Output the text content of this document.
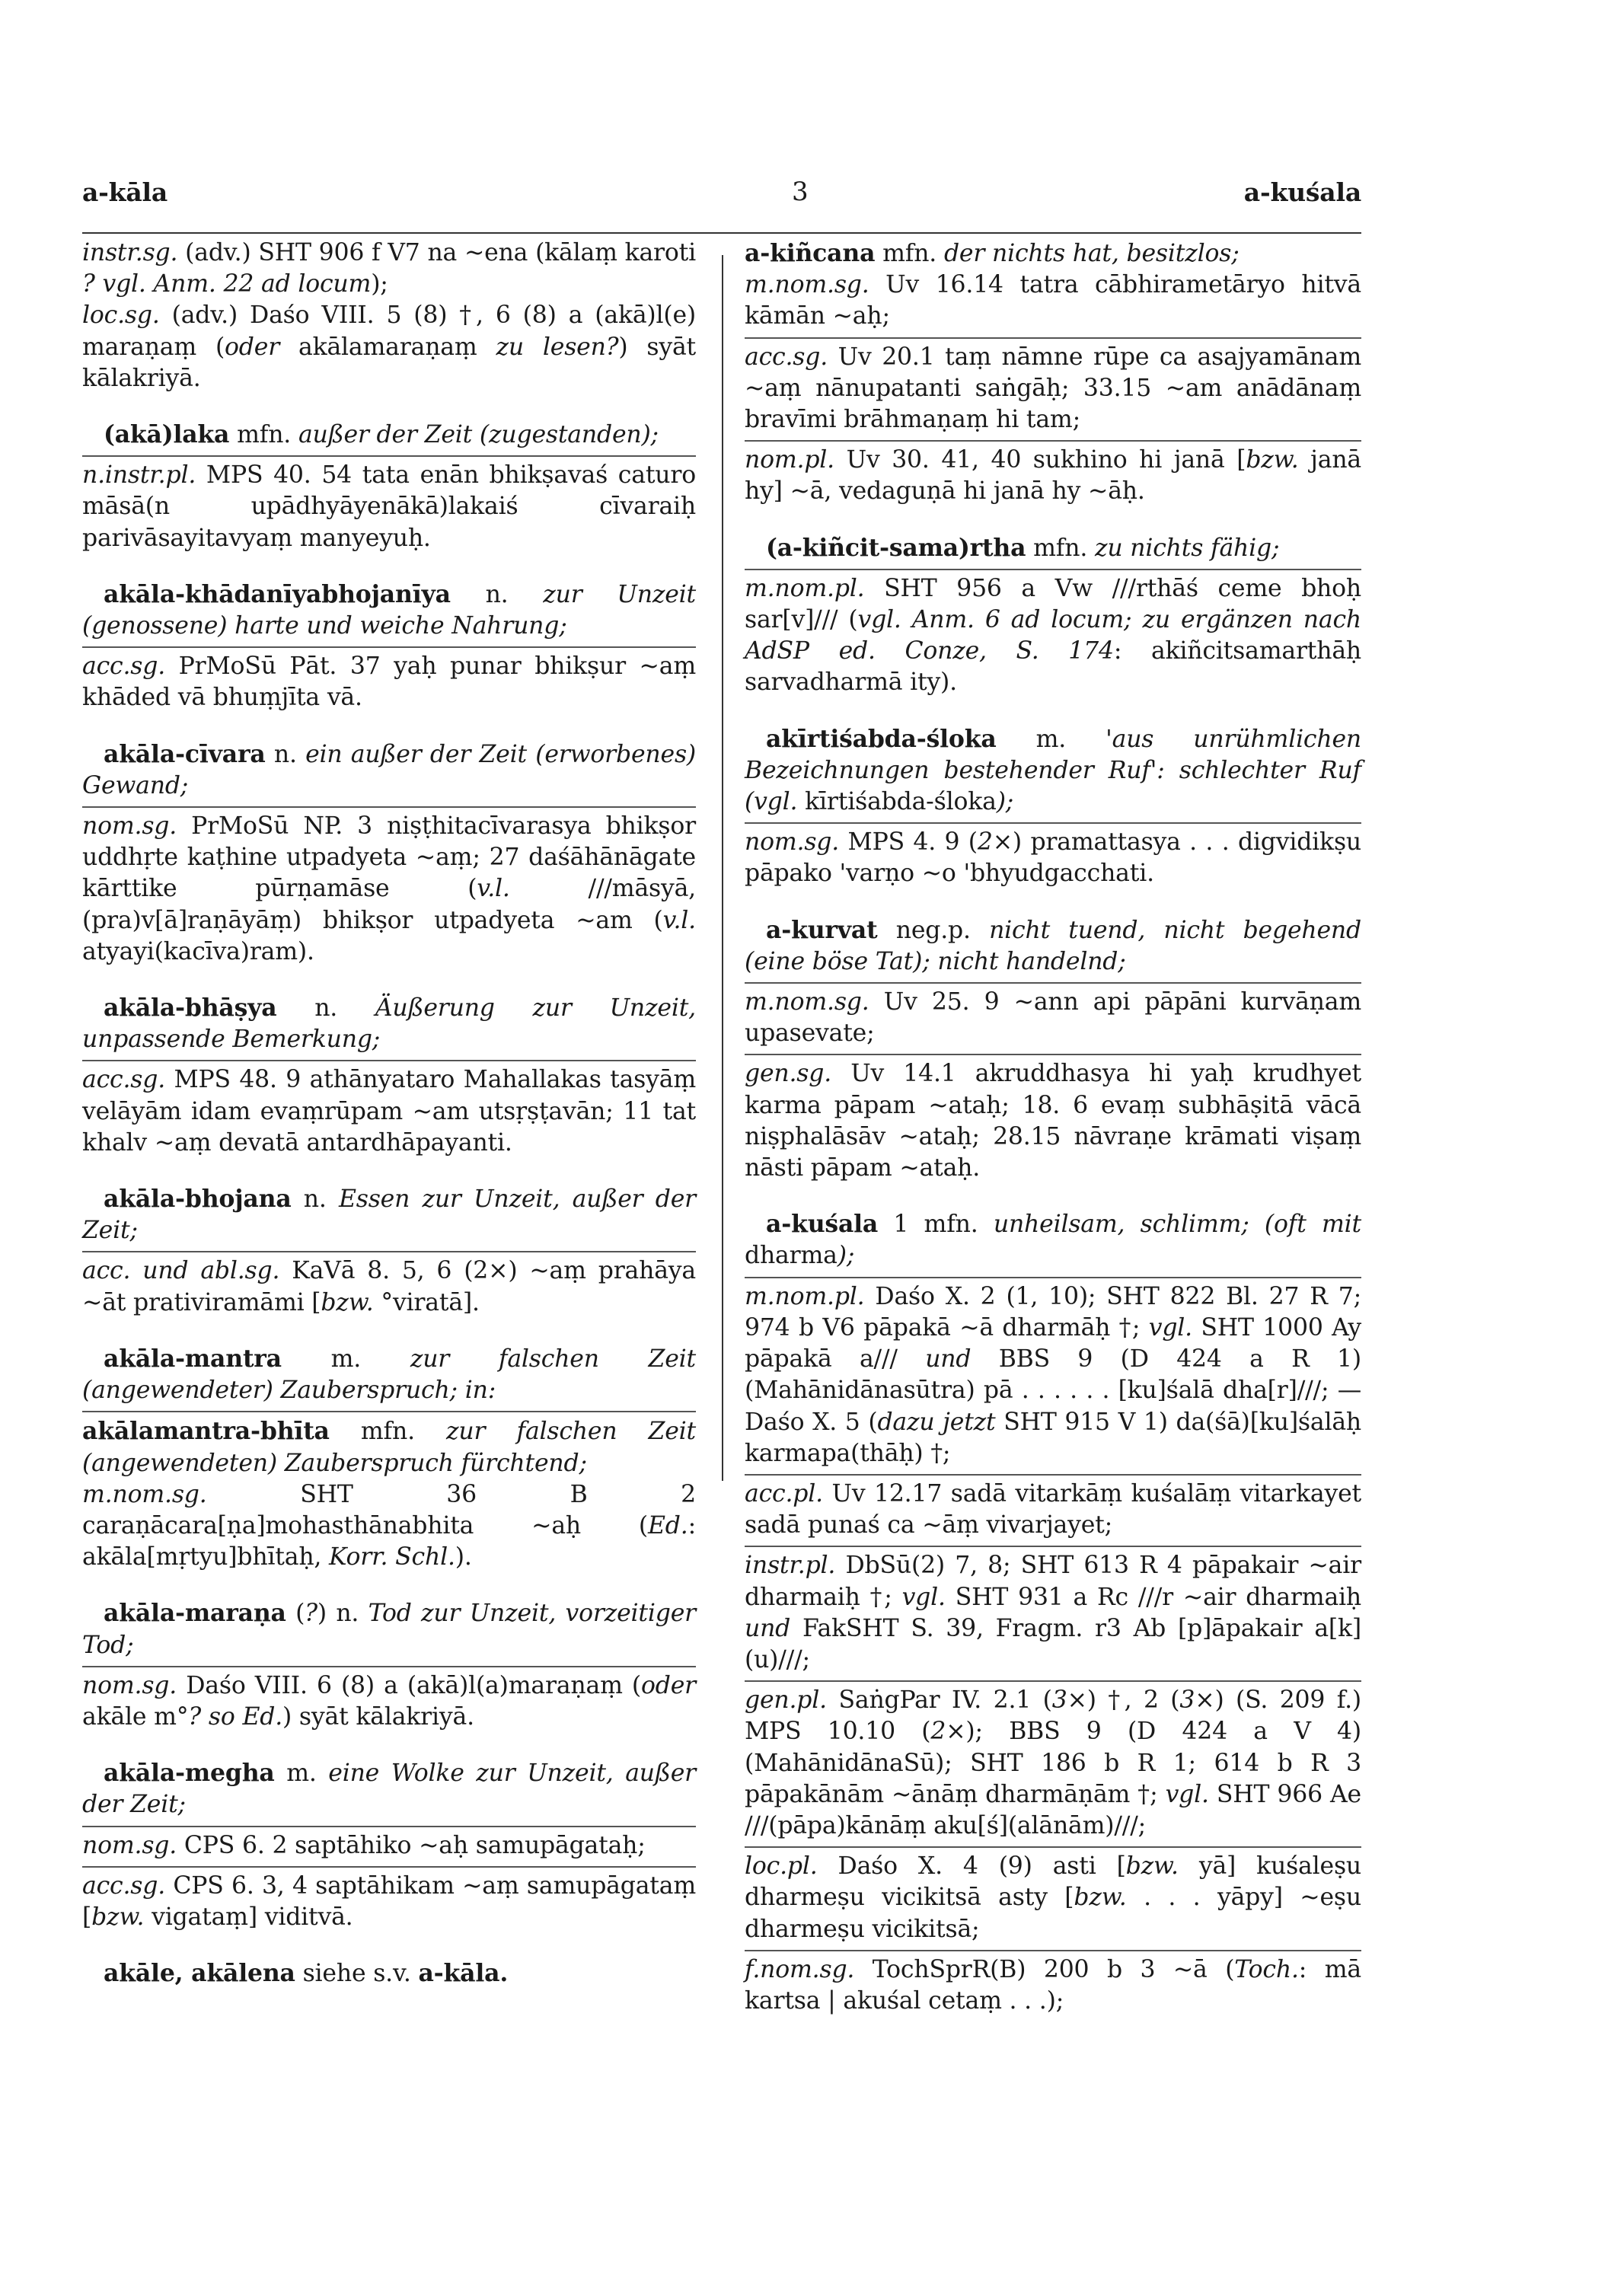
a-kāla	3	a-kuśala

instr.sg. (adv.) SHT 906 f V7 na ~ena (kālaṃ karoti ? vgl. Anm. 22 ad locum);

loc.sg. (adv.) Daśo VIII. 5 (8) †, 6 (8) a (akā)l(e) maraṇaṃ (oder akālamaraṇaṃ zu lesen?) syāt kālakriyā.

(akā)laka mfn. außer der Zeit (zugestanden);

n.instr.pl. MPS 40. 54 tata enān bhikṣavaś caturo māsā(n upādhyāyenākā)lakaiś cīvaraiḥ parivāsayitavyaṃ manyeyuḥ.

akāla-khādanīyabhojanīya n. zur Unzeit (genossene) harte und weiche Nahrung;

acc.sg. PrMoSū Pāt. 37 yaḥ punar bhikṣur ~aṃ khāded vā bhuṃjīta vā.

akāla-cīvara n. ein außer der Zeit (erworbenes) Gewand;

nom.sg. PrMoSū NP. 3 niṣṭhitacīvarasya bhikṣor uddhṛte kaṭhine utpadyeta ~aṃ; 27 daśāhānāgate kārttike pūrṇamāse (v.l. ///māsyā, (pra)v[ā]raṇāyāṃ) bhikṣor utpadyeta ~am (v.l. atyayi(kacīva)ram).

akāla-bhāṣya n. Äußerung zur Unzeit, unpassende Bemerkung;

acc.sg. MPS 48. 9 athānyataro Mahallakas tasyāṃ velāyām idam evaṃrūpam ~am utsṛṣṭavān; 11 tat khalv ~aṃ devatā antardhāpayanti.

akāla-bhojana n. Essen zur Unzeit, außer der Zeit;

acc. und abl.sg. KaVā 8. 5, 6 (2×) ~aṃ prahāya ~āt prativiramāmi [bzw. °viratā].

akāla-mantra m. zur falschen Zeit (angewendeter) Zauberspruch; in:

akālamantra-bhīta mfn. zur falschen Zeit (angewendeten) Zauberspruch fürchtend;

m.nom.sg. SHT 36 B 2 caraṇācara[ṇa]mohasthānabhita ~aḥ (Ed.: akāla[mṛtyu]bhītaḥ, Korr. Schl.).

akāla-maraṇa (?) n. Tod zur Unzeit, vorzeitiger Tod;

nom.sg. Daśo VIII. 6 (8) a (akā)l(a)maraṇaṃ (oder akāle m°? so Ed.) syāt kālakriyā.

akāla-megha m. eine Wolke zur Unzeit, außer der Zeit;

nom.sg. CPS 6. 2 saptāhiko ~aḥ samupāgataḥ;

acc.sg. CPS 6. 3, 4 saptāhikam ~aṃ samupāgataṃ [bzw. vigataṃ] viditvā.

akāle, akālena siehe s.v. a-kāla.

a-kiñcana mfn. der nichts hat, besitzlos;

m.nom.sg. Uv 16.14 tatra cābhirametāryo hitvā kāmān ~aḥ;

acc.sg. Uv 20.1 taṃ nāmne rūpe ca asajyamānam ~aṃ nānupatanti saṅgāḥ; 33.15 ~am anādānaṃ bravīmi brāhmaṇaṃ hi tam;

nom.pl. Uv 30. 41, 40 sukhino hi janā [bzw. janā hy] ~ā, vedaguṇā hi janā hy ~āḥ.

(a-kiñcit-sama)rtha mfn. zu nichts fähig;

m.nom.pl. SHT 956 a Vw ///rthāś ceme bhoḥ sar[v]/// (vgl. Anm. 6 ad locum; zu ergänzen nach AdSP ed. Conze, S. 174: akiñcitsamarthāḥ sarvadharmā ity).

akīrtiśabda-śloka m. 'aus unrühmlichen Bezeichnungen bestehender Ruf': schlechter Ruf (vgl. kīrtiśabda-śloka);

nom.sg. MPS 4. 9 (2×) pramattasya . . . digvidikṣu pāpako 'varṇo ~o 'bhyudgacchati.

a-kurvat neg.p. nicht tuend, nicht begehend (eine böse Tat); nicht handelnd;

m.nom.sg. Uv 25. 9 ~ann api pāpāni kurvāṇam upasevate;

gen.sg. Uv 14.1 akruddhasya hi yaḥ krudhyet karma pāpam ~ataḥ; 18. 6 evaṃ subhāṣitā vācā niṣphalāsāv ~ataḥ; 28.15 nāvraṇe krāmati viṣaṃ nāsti pāpam ~ataḥ.

a-kuśala 1 mfn. unheilsam, schlimm; (oft mit dharma);

m.nom.pl. Daśo X. 2 (1, 10); SHT 822 Bl. 27 R 7; 974 b V6 pāpakā ~ā dharmāḥ †; vgl. SHT 1000 Ay pāpakā a/// und BBS 9 (D 424 a R 1) (Mahānidānasūtra) pā . . . . . . [ku]śalā dha[r]///; — Daśo X. 5 (dazu jetzt SHT 915 V 1) da(śā)[ku]śalāḥ karmapa(thāḥ) †;

acc.pl. Uv 12.17 sadā vitarkāṃ kuśalāṃ vitarkayet sadā punaś ca ~āṃ vivarjayet;

instr.pl. DbSū(2) 7, 8; SHT 613 R 4 pāpakair ~air dharmaiḥ †; vgl. SHT 931 a Rc ///r ~air dharmaiḥ und FakSHT S. 39, Fragm. r3 Ab [p]āpakair a[k](u)///;

gen.pl. SaṅgPar IV. 2.1 (3×) †, 2 (3×) (S. 209 f.) MPS 10.10 (2×); BBS 9 (D 424 a V 4) (MahānidānaSū); SHT 186 b R 1; 614 b R 3 pāpakānām ~ānāṃ dharmāṇām †; vgl. SHT 966 Ae ///(pāpa)kānāṃ aku[ś](alānām)///;

loc.pl. Daśo X. 4 (9) asti [bzw. yā] kuśaleṣu dharmeṣu vicikitsā asty [bzw. . . . yāpy] ~eṣu dharmeṣu vicikitsā;

f.nom.sg. TochSprR(B) 200 b 3 ~ā (Toch.: mā kartsa | akuśal cetaṃ . . .);
